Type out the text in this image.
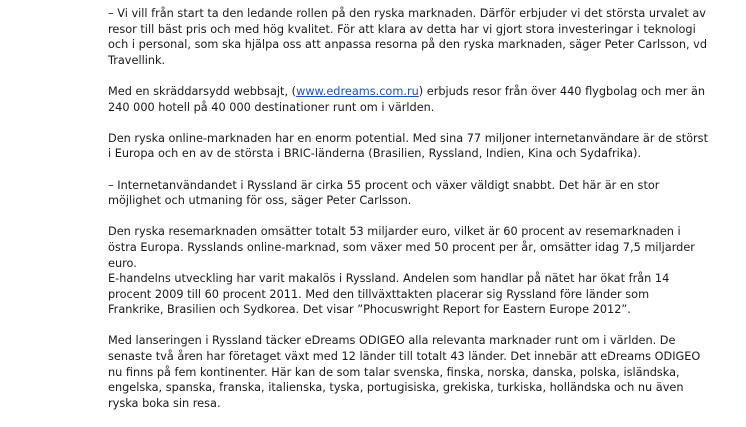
– Vi vill från start ta den ledande rollen på den ryska marknaden. Därför erbjuder vi det största urvalet av resor till bäst pris och med hög kvalitet. För att klara av detta har vi gjort stora investeringar i teknologi och i personal, som ska hjälpa oss att anpassa resorna på den ryska marknaden, säger Peter Carlsson, vd Travellink.

Med en skräddarsydd webbsajt, (www.edreams.com.ru) erbjuds resor från över 440 flygbolag och mer än 240 000 hotell på 40 000 destinationer runt om i världen.

Den ryska online-marknaden har en enorm potential. Med sina 77 miljoner internetanvändare är de störst i Europa och en av de största i BRIC-länderna (Brasilien, Ryssland, Indien, Kina och Sydafrika).

– Internetanvändandet i Ryssland är cirka 55 procent och växer väldigt snabbt. Det här är en stor möjlighet och utmaning för oss, säger Peter Carlsson.

Den ryska resemarknaden omsätter totalt 53 miljarder euro, vilket är 60 procent av resemarknaden i östra Europa. Rysslands online-marknad, som växer med 50 procent per år, omsätter idag 7,5 miljarder euro.

E-handelns utveckling har varit makalös i Ryssland. Andelen som handlar på nätet har ökat från 14 procent 2009 till 60 procent 2011. Med den tillväxttakten placerar sig Ryssland före länder som Frankrike, Brasilien och Sydkorea. Det visar ”Phocuswright Report for Eastern Europe 2012”.

Med lanseringen i Ryssland täcker eDreams ODIGEO alla relevanta marknader runt om i världen. De senaste två åren har företaget växt med 12 länder till totalt 43 länder. Det innebär att eDreams ODIGEO nu finns på fem kontinenter. Här kan de som talar svenska, finska, norska, danska, polska, isländska, engelska, spanska, franska, italienska, tyska, portugisiska, grekiska, turkiska, holländska och nu även ryska boka sin resa.
